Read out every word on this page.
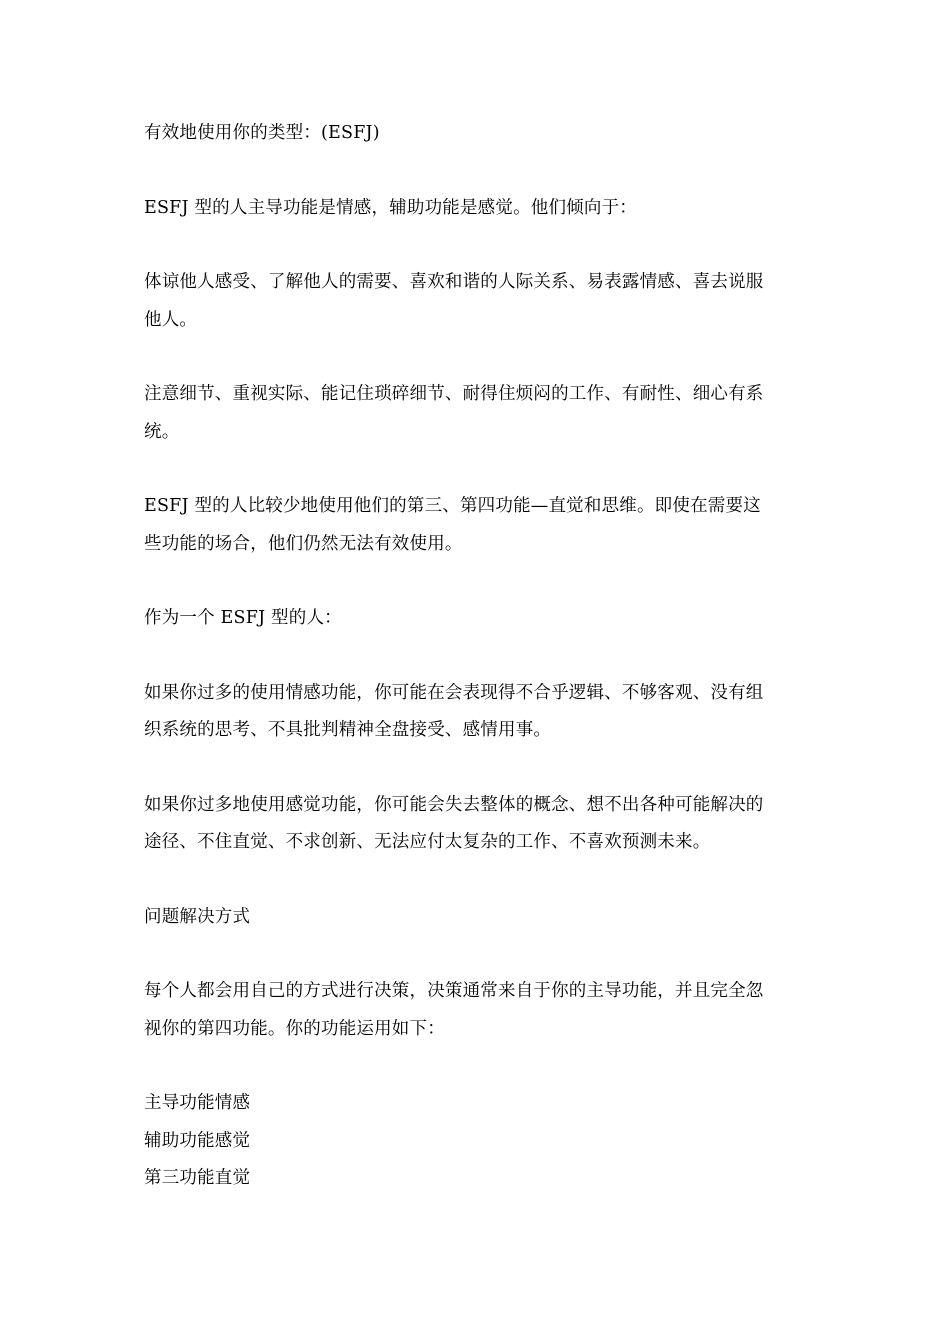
有效地使用你的类型：(ESFJ)
ESFJ 型的人主导功能是情感，辅助功能是感觉。他们倾向于：
体谅他人感受、了解他人的需要、喜欢和谐的人际关系、易表露情感、喜去说服
他人。
注意细节、重视实际、能记住琐碎细节、耐得住烦闷的工作、有耐性、细心有系
统。
ESFJ 型的人比较少地使用他们的第三、第四功能—直觉和思维。即使在需要这
些功能的场合，他们仍然无法有效使用。
作为一个 ESFJ 型的人：
如果你过多的使用情感功能，你可能在会表现得不合乎逻辑、不够客观、没有组
织系统的思考、不具批判精神全盘接受、感情用事。
如果你过多地使用感觉功能，你可能会失去整体的概念、想不出各种可能解决的
途径、不住直觉、不求创新、无法应付太复杂的工作、不喜欢预测未来。
问题解决方式
每个人都会用自己的方式进行决策，决策通常来自于你的主导功能，并且完全忽
视你的第四功能。你的功能运用如下：
主导功能情感
辅助功能感觉
第三功能直觉
